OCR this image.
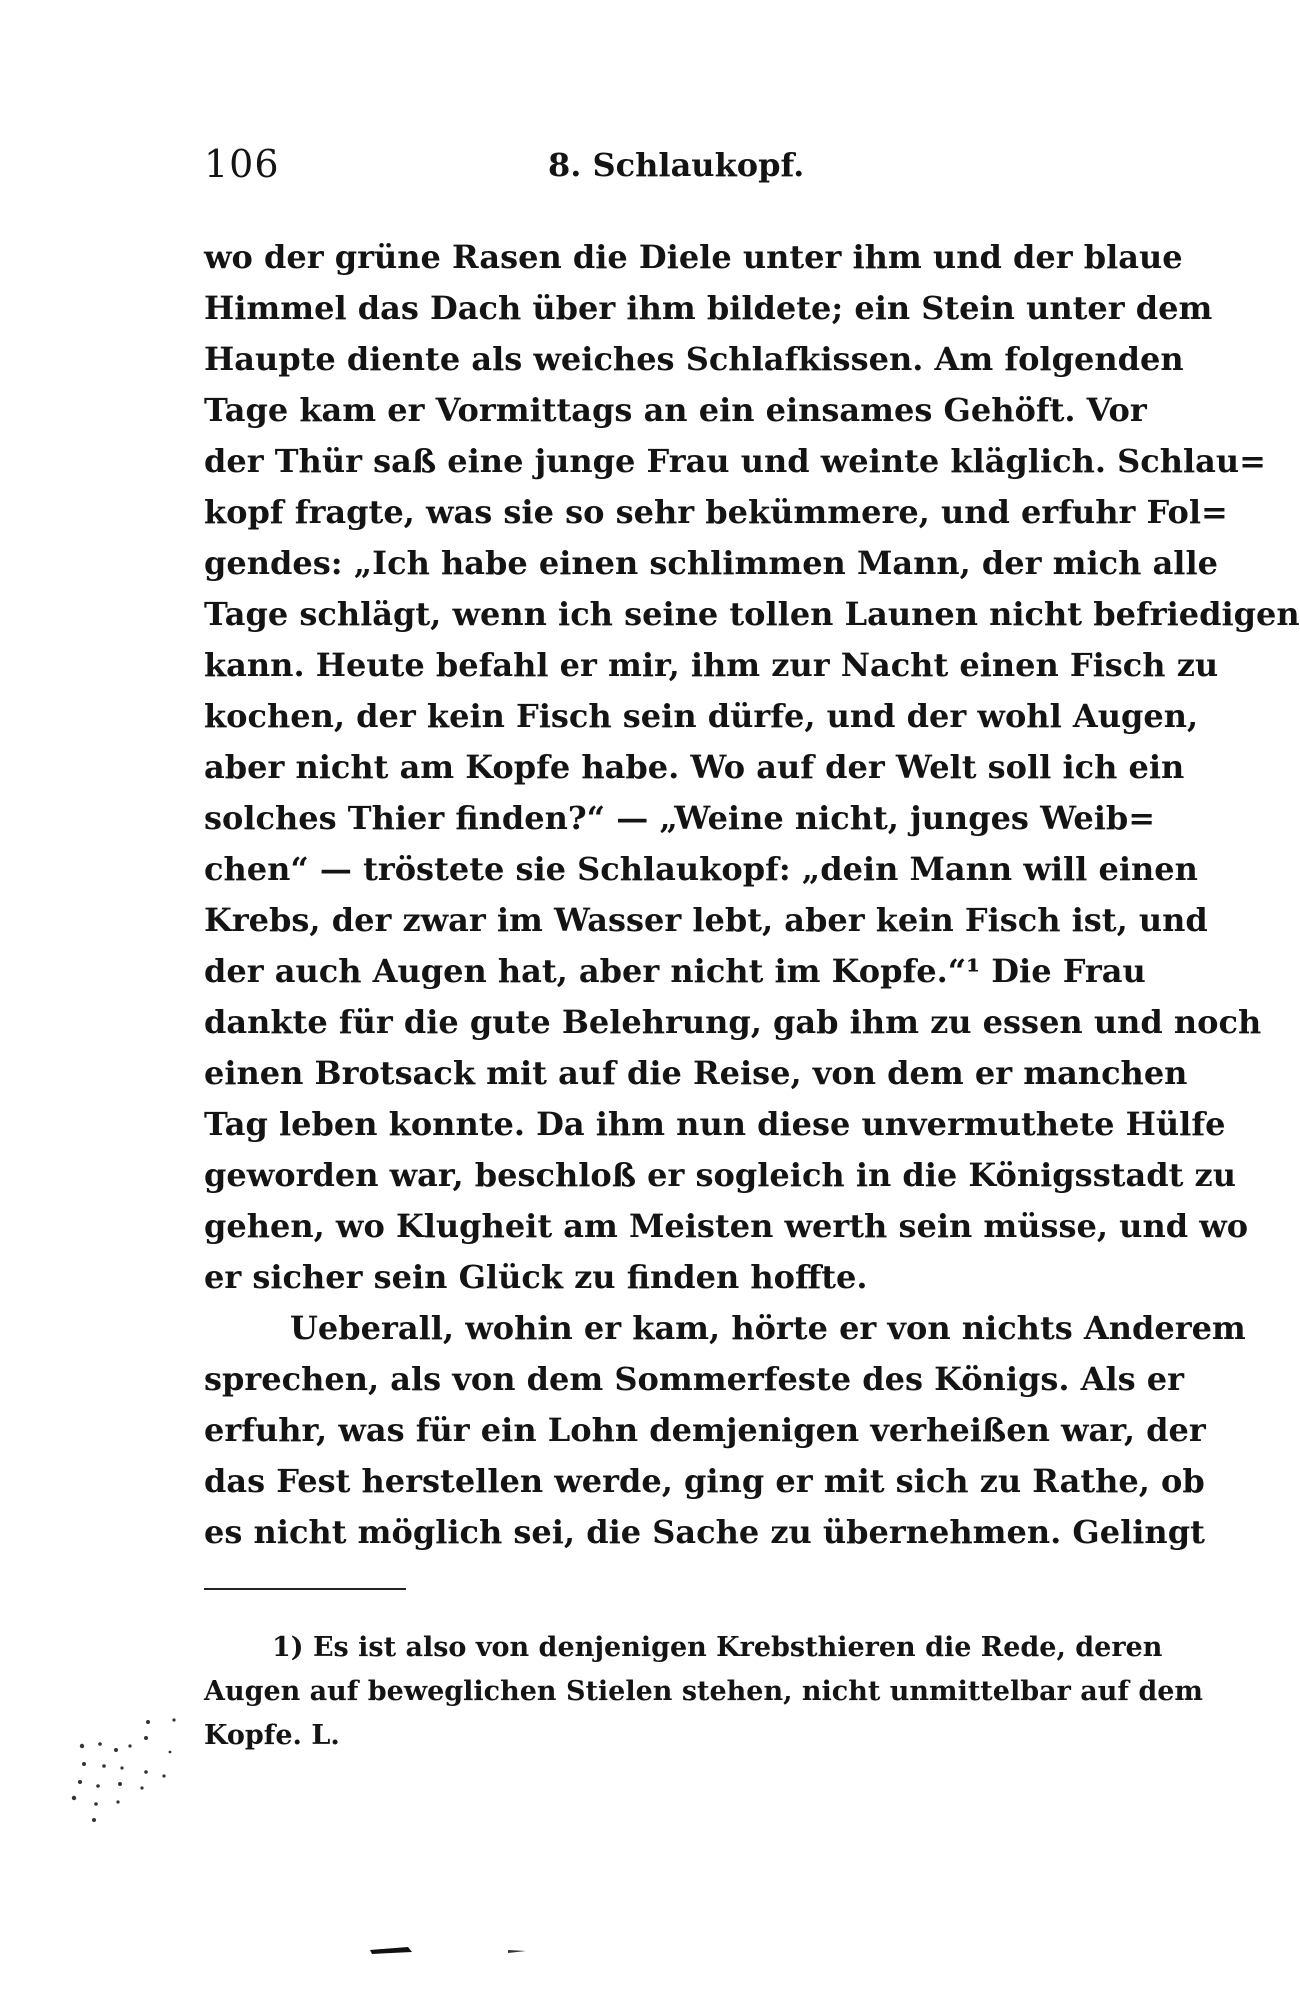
106	8. Schlaukopf.
wo der grüne Rasen die Diele unter ihm und der blaue
Himmel das Dach über ihm bildete; ein Stein unter dem
Haupte diente als weiches Schlafkissen. Am folgenden
Tage kam er Vormittags an ein einsames Gehöft. Vor
der Thür saß eine junge Frau und weinte kläglich. Schlau=
kopf fragte, was sie so sehr bekümmere, und erfuhr Fol=
gendes: „Ich habe einen schlimmen Mann, der mich alle
Tage schlägt, wenn ich seine tollen Launen nicht befriedigen
kann. Heute befahl er mir, ihm zur Nacht einen Fisch zu
kochen, der kein Fisch sein dürfe, und der wohl Augen,
aber nicht am Kopfe habe. Wo auf der Welt soll ich ein
solches Thier finden?“ — „Weine nicht, junges Weib=
chen“ — tröstete sie Schlaukopf: „dein Mann will einen
Krebs, der zwar im Wasser lebt, aber kein Fisch ist, und
der auch Augen hat, aber nicht im Kopfe.“¹ Die Frau
dankte für die gute Belehrung, gab ihm zu essen und noch
einen Brotsack mit auf die Reise, von dem er manchen
Tag leben konnte. Da ihm nun diese unvermuthete Hülfe
geworden war, beschloß er sogleich in die Königsstadt zu
gehen, wo Klugheit am Meisten werth sein müsse, und wo
er sicher sein Glück zu finden hoffte.
Ueberall, wohin er kam, hörte er von nichts Anderem
sprechen, als von dem Sommerfeste des Königs. Als er
erfuhr, was für ein Lohn demjenigen verheißen war, der
das Fest herstellen werde, ging er mit sich zu Rathe, ob
es nicht möglich sei, die Sache zu übernehmen. Gelingt
1) Es ist also von denjenigen Krebsthieren die Rede, deren
Augen auf beweglichen Stielen stehen, nicht unmittelbar auf dem
Kopfe. L.
